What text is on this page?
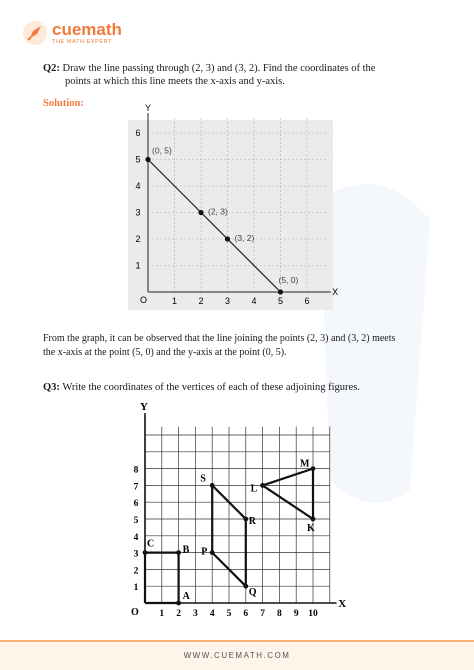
cuemath
THE MATH EXPERT
Q2: Draw the line passing through (2, 3) and (3, 2). Find the coordinates of the
points at which this line meets the x-axis and y-axis.
Solution:
X
Y
O	1 2 3 4 5 6
1
2
3
4
5
6
(0, 5)
(2, 3)
(3, 2)
(5, 0)
From the graph, it can be observed that the line joining the points (2, 3) and (3, 2) meets
the x-axis at the point (5, 0) and the y-axis at the point (0, 5).
Q3: Write the coordinates of the vertices of each of these adjoining figures.
X
Y
O 1 2 3 4 5 6 7 8 9 10
1
2
3
4
5
6
7
8
A
B
C
P
Q
R
S
L
M
K
WWW.CUEMATH.COM
